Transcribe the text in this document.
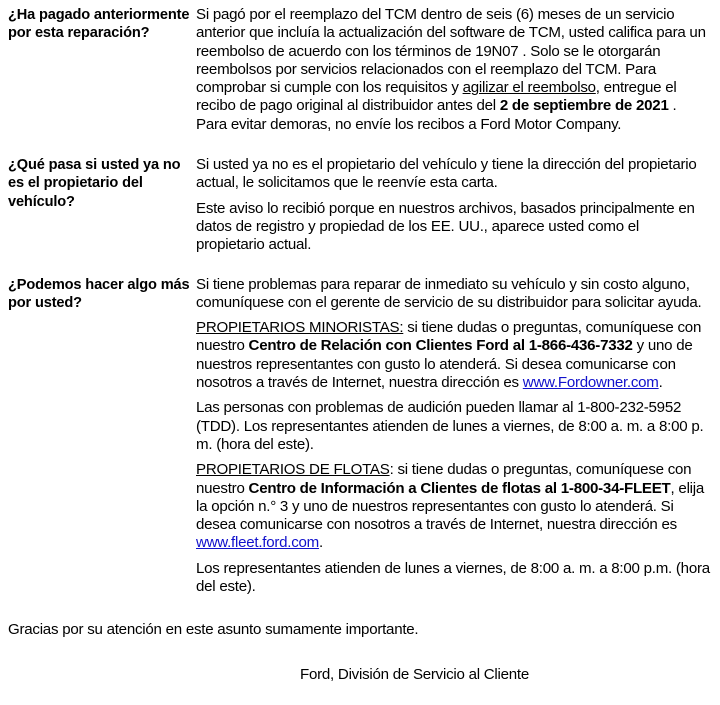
¿Ha pagado anteriormente por esta reparación?

Si pagó por el reemplazo del TCM dentro de seis (6) meses de un servicio anterior que incluía la actualización del software de TCM, usted califica para un reembolso de acuerdo con los términos de 19N07 . Solo se le otorgarán reembolsos por servicios relacionados con el reemplazo del TCM. Para comprobar si cumple con los requisitos y agilizar el reembolso, entregue el recibo de pago original al distribuidor antes del 2 de septiembre de 2021 . Para evitar demoras, no envíe los recibos a Ford Motor Company.

¿Qué pasa si usted ya no es el propietario del vehículo?

Si usted ya no es el propietario del vehículo y tiene la dirección del propietario actual, le solicitamos que le reenvíe esta carta.

Este aviso lo recibió porque en nuestros archivos, basados principalmente en datos de registro y propiedad de los EE. UU., aparece usted como el propietario actual.

¿Podemos hacer algo más por usted?

Si tiene problemas para reparar de inmediato su vehículo y sin costo alguno, comuníquese con el gerente de servicio de su distribuidor para solicitar ayuda.

PROPIETARIOS MINORISTAS: si tiene dudas o preguntas, comuníquese con nuestro Centro de Relación con Clientes Ford al 1-866-436-7332 y uno de nuestros representantes con gusto lo atenderá. Si desea comunicarse con nosotros a través de Internet, nuestra dirección es www.Fordowner.com.

Las personas con problemas de audición pueden llamar al 1-800-232-5952 (TDD). Los representantes atienden de lunes a viernes, de 8:00 a. m. a 8:00 p. m. (hora del este).

PROPIETARIOS DE FLOTAS: si tiene dudas o preguntas, comuníquese con nuestro Centro de Información a Clientes de flotas al 1-800-34-FLEET, elija la opción n.° 3 y uno de nuestros representantes con gusto lo atenderá. Si desea comunicarse con nosotros a través de Internet, nuestra dirección es www.fleet.ford.com.

Los representantes atienden de lunes a viernes, de 8:00 a. m. a 8:00 p.m. (hora del este).

Gracias por su atención en este asunto sumamente importante.
Ford, División de Servicio al Cliente
